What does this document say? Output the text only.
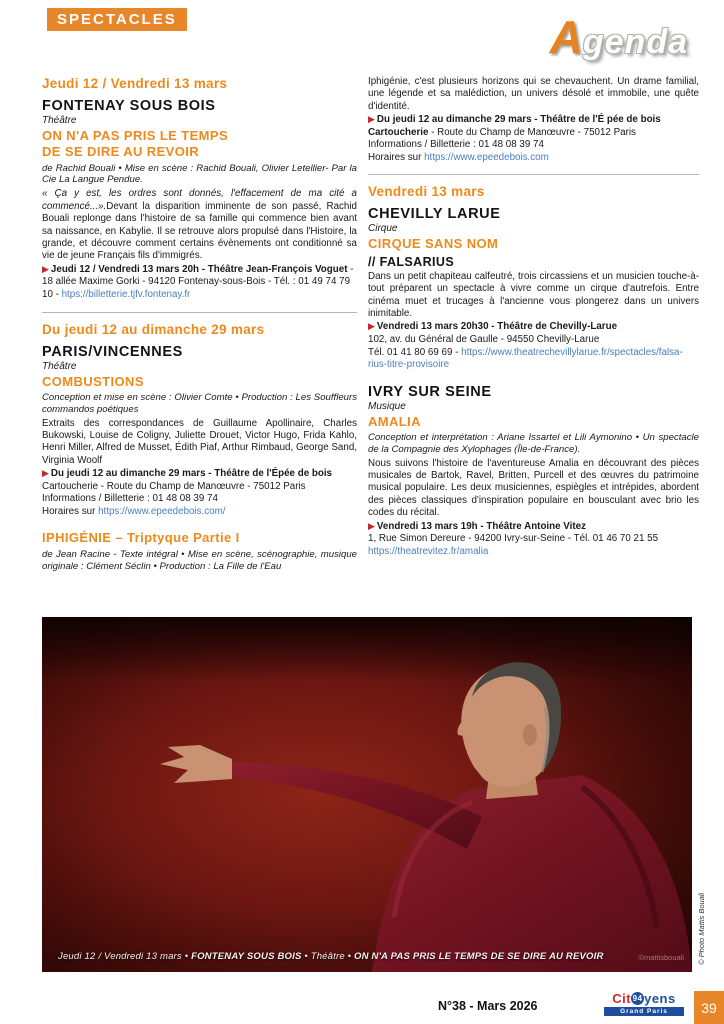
SPECTACLES	Agenda
Jeudi 12 / Vendredi 13 mars
FONTENAY SOUS BOIS
Théâtre
ON N'A PAS PRIS LE TEMPS
DE SE DIRE AU REVOIR
de Rachid Bouali • Mise en scène : Rachid Bouali, Olivier Letellier- Par la Cie La Langue Pendue.
« Ça y est, les ordres sont donnés, l'effacement de ma cité a commencé...».Devant la disparition imminente de son passé, Rachid Bouali replonge dans l'histoire de sa famille qui commence bien avant sa naissance, en Kabylie. Il se retrouve alors propulsé dans l'Histoire, la grande, et découvre comment certains évènements ont conditionné sa vie de jeune Français fils d'immigrés.
▶ Jeudi 12 / Vendredi 13 mars 20h - Théâtre Jean-François Voguet - 18 allée Maxime Gorki - 94120 Fontenay-sous-Bois - Tél. : 01 49 74 79 10 - htps://billetterie.tjfv.fontenay.fr
Du jeudi 12 au dimanche 29 mars
PARIS/VINCENNES
Théâtre
COMBUSTIONS
Conception et mise en scène : Olivier Comte • Production : Les Souffleurs commandos poétiques
Extraits des correspondances de Guillaume Apollinaire, Charles Bukowski, Louise de Coligny, Juliette Drouet, Victor Hugo, Frida Kahlo, Henri Miller, Alfred de Musset, Édith Piaf, Arthur Rimbaud, George Sand, Virginia Woolf
▶ Du jeudi 12 au dimanche 29 mars - Théâtre de l'Épée de bois
Cartoucherie - Route du Champ de Manœuvre - 75012 Paris
Informations / Billetterie : 01 48 08 39 74
Horaires sur https://www.epeedebois.com/
IPHIGÉNIE – Triptyque Partie I
de Jean Racine - Texte intégral • Mise en scène, scénographie, musique originale : Clément Séclin • Production : La Fille de l'Eau
Iphigénie, c'est plusieurs horizons qui se chevauchent. Un drame familial, une légende et sa malédiction, un univers désolé et immobile, une quête d'identité.
▶ Du jeudi 12 au dimanche 29 mars - Théâtre de l'É pée de bois
Cartoucherie - Route du Champ de Manœuvre - 75012 Paris
Informations / Billetterie : 01 48 08 39 74
Horaires sur https://www.epeedebois.com
Vendredi 13 mars
CHEVILLY LARUE
Cirque
CIRQUE SANS NOM
// FALSARIUS
Dans un petit chapiteau calfeutré, trois circassiens et un musicien touche-à-tout préparent un spectacle à vivre comme un cirque d'autrefois. Entre cinéma muet et trucages à l'ancienne vous plongerez dans un univers inimitable.
▶ Vendredi 13 mars 20h30 - Théâtre de Chevilly-Larue
102, av. du Général de Gaulle - 94550 Chevilly-Larue
Tél. 01 41 80 69 69 - https://www.theatrechevillylarue.fr/spectacles/falsa-rius-titre-provisoire
IVRY SUR SEINE
Musique
AMALIA
Conception et interprétation : Ariane Issartel et Lili Aymonino • Un spectacle de la Compagnie des Xylophages (Île-de-France).
Nous suivons l'histoire de l'aventureuse Amalia en découvrant des pièces musicales de Bartok, Ravel, Britten, Purcell et des œuvres du patrimoine musical populaire. Les deux musiciennes, espiègles et intrépides, abordent des pièces classiques d'inspiration populaire en bousculant avec brio les codes du récital.
▶ Vendredi 13 mars 19h - Théâtre Antoine Vitez
1, Rue Simon Dereure - 94200 Ivry-sur-Seine - Tél. 01 46 70 21 55
https://theatrevitez.fr/amalia
Jeudi 12 / Vendredi 13 mars • FONTENAY SOUS BOIS • Théâtre • ON N'A PAS PRIS LE TEMPS DE SE DIRE AU REVOIR	©mattisbouali © Photo Mattis Bouali
N°38 - Mars 2026	Cit 94 yens
Grand Paris	39
